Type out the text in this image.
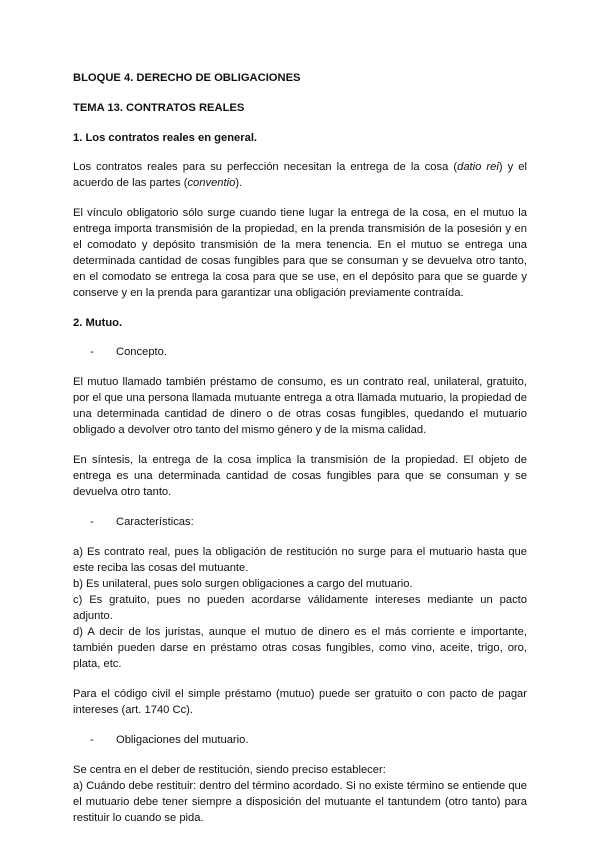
BLOQUE 4. DERECHO DE OBLIGACIONES
TEMA 13. CONTRATOS REALES
1. Los contratos reales en general.

Los contratos reales para su perfección necesitan la entrega de la cosa (datio rei) y el acuerdo de las partes (conventio).

El vínculo obligatorio sólo surge cuando tiene lugar la entrega de la cosa, en el mutuo la entrega importa transmisión de la propiedad, en la prenda transmisión de la posesión y en el comodato y depósito transmisión de la mera tenencia. En el mutuo se entrega una determinada cantidad de cosas fungibles para que se consuman y se devuelva otro tanto, en el comodato se entrega la cosa para que se use, en el depósito para que se guarde y conserve y en la prenda para garantizar una obligación previamente contraída.

2. Mutuo.
-	Concepto.

El mutuo llamado también préstamo de consumo, es un contrato real, unilateral, gratuito, por el que una persona llamada mutuante entrega a otra llamada mutuario, la propiedad de una determinada cantidad de dinero o de otras cosas fungibles, quedando el mutuario obligado a devolver otro tanto del mismo género y de la misma calidad.

En síntesis, la entrega de la cosa implica la transmisión de la propiedad. El objeto de entrega es una determinada cantidad de cosas fungibles para que se consuman y se devuelva otro tanto.

-	Características:
a) Es contrato real, pues la obligación de restitución no surge para el mutuario hasta que este reciba las cosas del mutuante.
b) Es unilateral, pues solo surgen obligaciones a cargo del mutuario.
c) Es gratuito, pues no pueden acordarse válidamente intereses mediante un pacto adjunto.
d) A decir de los juristas, aunque el mutuo de dinero es el más corriente e importante, también pueden darse en préstamo otras cosas fungibles, como vino, aceite, trigo, oro, plata, etc.

Para el código civil el simple préstamo (mutuo) puede ser gratuito o con pacto de pagar intereses (art. 1740 Cc).

-	Obligaciones del mutuario.
Se centra en el deber de restitución, siendo preciso establecer:
a) Cuándo debe restituir: dentro del término acordado. Si no existe término se entiende que el mutuario debe tener siempre a disposición del mutuante el tantundem (otro tanto) para restituir lo cuando se pida.
